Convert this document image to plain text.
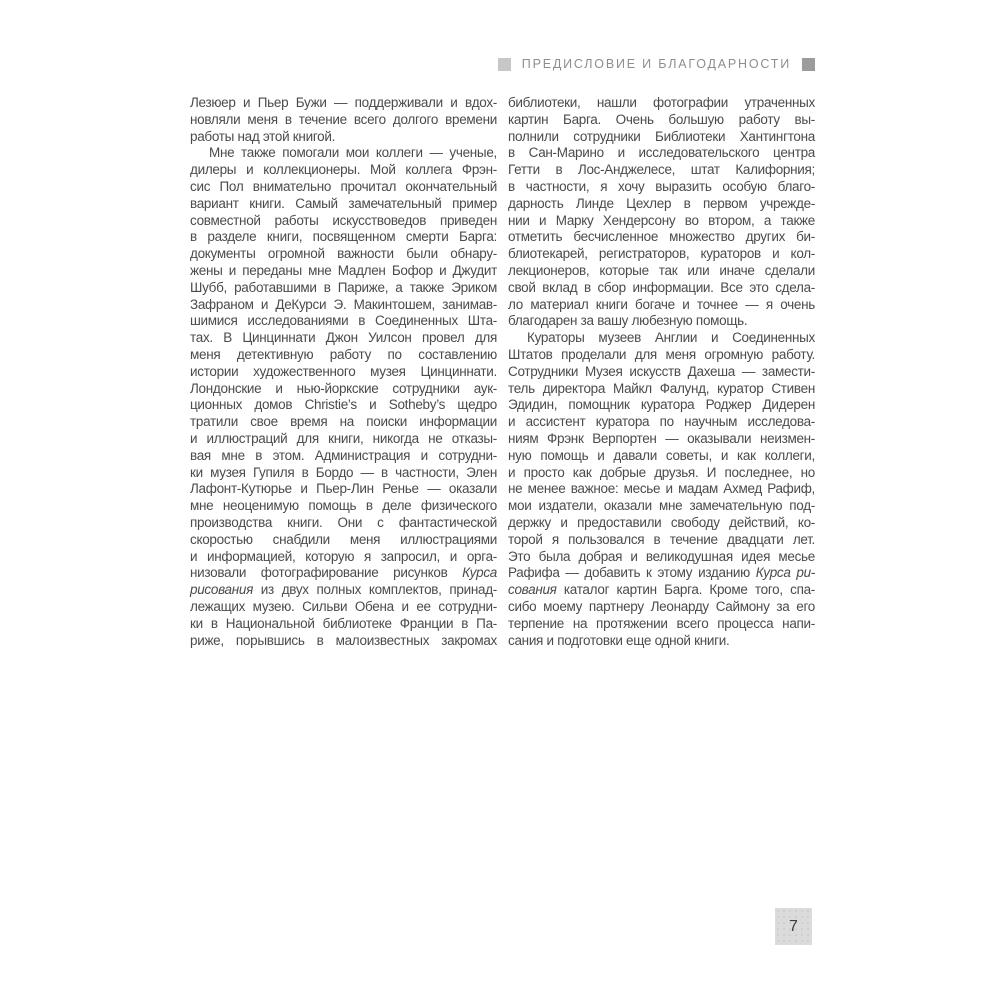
ПРЕДИСЛОВИЕ И БЛАГОДАРНОСТИ
Лезюер и Пьер Бужи — поддерживали и вдох-
новляли меня в течение всего долгого времени
работы над этой книгой.
Мне также помогали мои коллеги — ученые,
дилеры и коллекционеры. Мой коллега Фрэн-
сис Пол внимательно прочитал окончательный
вариант книги. Самый замечательный пример
совместной работы искусствоведов приведен
в разделе книги, посвященном смерти Барга:
документы огромной важности были обнару-
жены и переданы мне Мадлен Бофор и Джудит
Шубб, работавшими в Париже, а также Эриком
Зафраном и ДеКурси Э. Макинтошем, занимав-
шимися исследованиями в Соединенных Шта-
тах. В Цинциннати Джон Уилсон провел для
меня детективную работу по составлению
истории художественного музея Цинциннати.
Лондонские и нью-йоркские сотрудники аук-
ционных домов Christie’s и Sotheby’s щедро
тратили свое время на поиски информации
и иллюстраций для книги, никогда не отказы-
вая мне в этом. Администрация и сотрудни-
ки музея Гупиля в Бордо — в частности, Элен
Лафонт-Кутюрье и Пьер-Лин Ренье — оказали
мне неоценимую помощь в деле физического
производства книги. Они с фантастической
скоростью снабдили меня иллюстрациями
и информацией, которую я запросил, и орга-
низовали фотографирование рисунков Курса
рисования из двух полных комплектов, принад-
лежащих музею. Сильви Обена и ее сотрудни-
ки в Национальной библиотеке Франции в Па-
риже, порывшись в малоизвестных закромах
библиотеки, нашли фотографии утраченных
картин Барга. Очень большую работу вы-
полнили сотрудники Библиотеки Хантингтона
в Сан-Марино и исследовательского центра
Гетти в Лос-Анджелесе, штат Калифорния;
в частности, я хочу выразить особую благо-
дарность Линде Цехлер в первом учрежде-
нии и Марку Хендерсону во втором, а также
отметить бесчисленное множество других би-
блиотекарей, регистраторов, кураторов и кол-
лекционеров, которые так или иначе сделали
свой вклад в сбор информации. Все это сдела-
ло материал книги богаче и точнее — я очень
благодарен за вашу любезную помощь.
Кураторы музеев Англии и Соединенных
Штатов проделали для меня огромную работу.
Сотрудники Музея искусств Дахеша — замести-
тель директора Майкл Фалунд, куратор Стивен
Эдидин, помощник куратора Роджер Дидерен
и ассистент куратора по научным исследова-
ниям Фрэнк Верпортен — оказывали неизмен-
ную помощь и давали советы, и как коллеги,
и просто как добрые друзья. И последнее, но
не менее важное: месье и мадам Ахмед Рафиф,
мои издатели, оказали мне замечательную под-
держку и предоставили свободу действий, ко-
торой я пользовался в течение двадцати лет.
Это была добрая и великодушная идея месье
Рафифа — добавить к этому изданию Курса ри-
сования каталог картин Барга. Кроме того, спа-
сибо моему партнеру Леонарду Саймону за его
терпение на протяжении всего процесса напи-
сания и подготовки еще одной книги.
7
